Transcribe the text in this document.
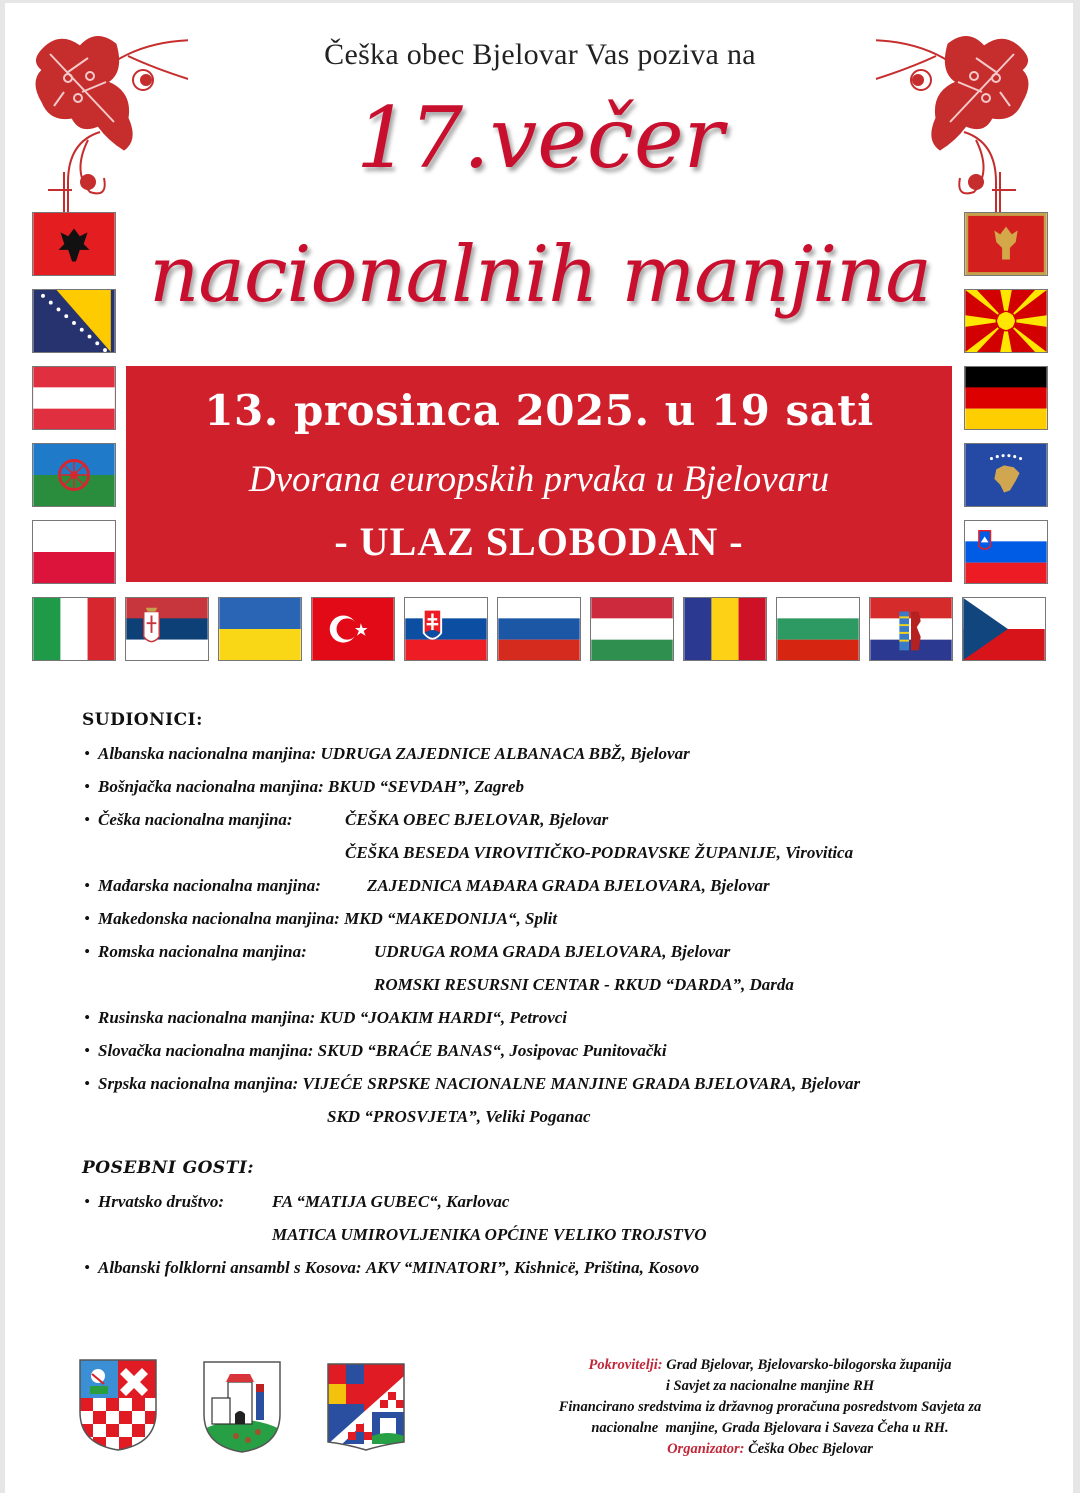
Češka obec Bjelovar Vas poziva na
17.večer
nacionalnih manjina
13. prosinca 2025. u 19 sati
Dvorana europskih prvaka u Bjelovaru
- ULAZ SLOBODAN -
SUDIONICI:
• Albanska nacionalna manjina: UDRUGA ZAJEDNICE ALBANACA BBŽ, Bjelovar
• Bošnjačka nacionalna manjina: BKUD “SEVDAH”, Zagreb
• Češka nacionalna manjina:	ČEŠKA OBEC BJELOVAR, Bjelovar
ČEŠKA BESEDA VIROVITIČKO-PODRAVSKE ŽUPANIJE, Virovitica
• Mađarska nacionalna manjina:	ZAJEDNICA MAĐARA GRADA BJELOVARA, Bjelovar
• Makedonska nacionalna manjina: MKD “MAKEDONIJA“, Split
• Romska nacionalna manjina:	UDRUGA ROMA GRADA BJELOVARA, Bjelovar
ROMSKI RESURSNI CENTAR - RKUD “DARDA”, Darda
• Rusinska nacionalna manjina: KUD “JOAKIM HARDI“, Petrovci
• Slovačka nacionalna manjina: SKUD “BRAĆE BANAS“, Josipovac Punitovački
• Srpska nacionalna manjina: VIJEĆE SRPSKE NACIONALNE MANJINE GRADA BJELOVARA, Bjelovar
SKD “PROSVJETA”, Veliki Poganac
POSEBNI GOSTI:
• Hrvatsko društvo:	FA “MATIJA GUBEC“, Karlovac
MATICA UMIROVLJENIKA OPĆINE VELIKO TROJSTVO
• Albanski folklorni ansambl s Kosova: AKV “MINATORI”, Kishnicë, Priština, Kosovo
Pokrovitelji: Grad Bjelovar, Bjelovarsko-bilogorska županija
i Savjet za nacionalne manjine RH
Financirano sredstvima iz državnog proračuna posredstvom Savjeta za
nacionalne  manjine, Grada Bjelovara i Saveza Čeha u RH.
Organizator: Češka Obec Bjelovar
